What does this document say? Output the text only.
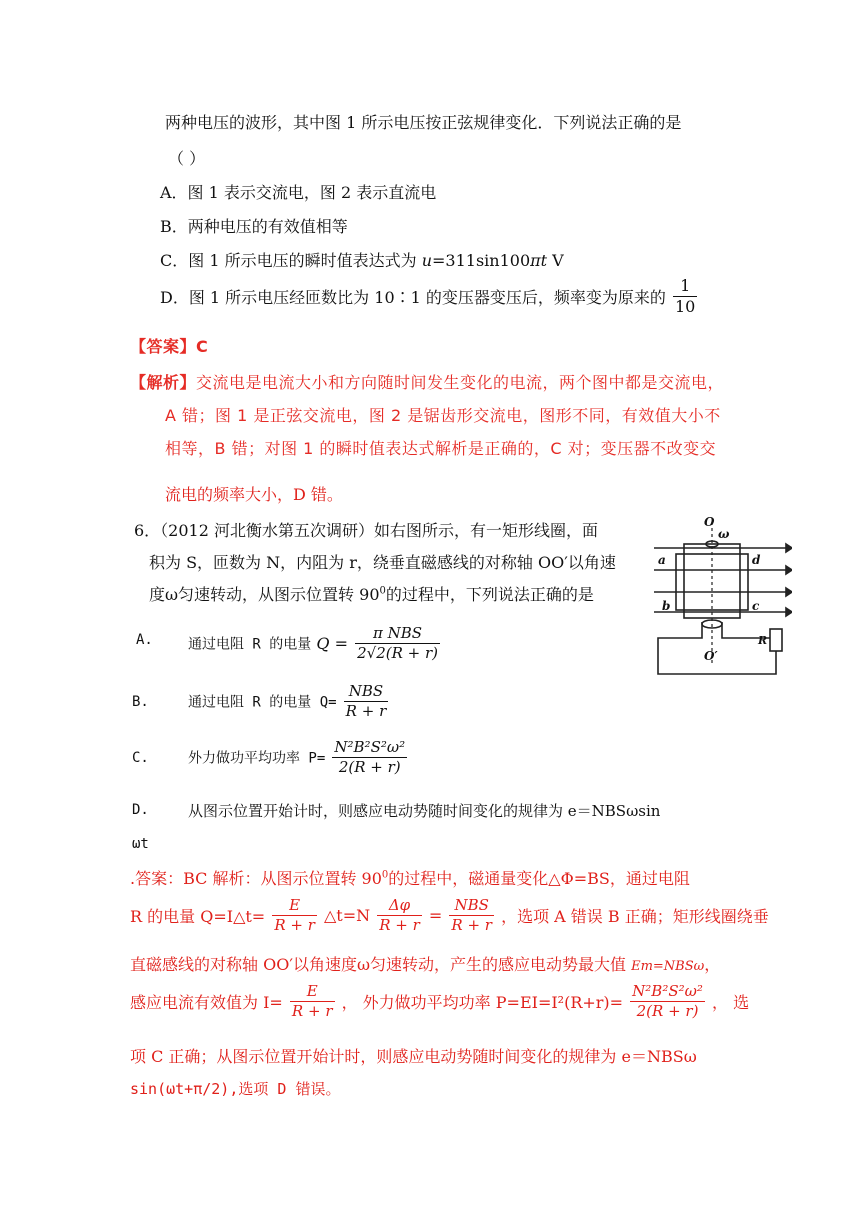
两种电压的波形，其中图 1 所示电压按正弦规律变化．下列说法正确的是
（ ）
A．图 1 表示交流电，图 2 表示直流电
B．两种电压的有效值相等
C．图 1 所示电压的瞬时值表达式为 u=311sin100πt V
D．图 1 所示电压经匝数比为 10∶1 的变压器变压后，频率变为原来的 $\frac{1}{10}$
【答案】C
【解析】交流电是电流大小和方向随时间发生变化的电流，两个图中都是交流电，
A 错；图 1 是正弦交流电，图 2 是锯齿形交流电，图形不同，有效值大小不
相等，B 错；对图 1 的瞬时值表达式解析是正确的，C 对；变压器不改变交
流电的频率大小，D 错。
6．（2012 河北衡水第五次调研）如右图所示，有一矩形线圈，面
积为 S，匝数为 N，内阻为 r，绕垂直磁感线的对称轴 OO′以角速
度ω匀速转动，从图示位置转 $90^0$的过程中，下列说法正确的是
O
ω
a	d
b	c
O′
R
A.	通过电阻 R 的电量 $Q = \frac{\text{π NBS}}{2√2(R + r)}$
B.	通过电阻 R 的电量 $Q= \frac{\text{NBS}}{R + r}$
C.	外力做功平均功率 $P= \frac{\text{N²B²S²ω²}}{2(R + r)}$
D.	从图示位置开始计时，则感应电动势随时间变化的规律为 e＝NBSωsin
ωt
.答案：BC 解析：从图示位置转 $90^0$的过程中，磁通量变化△Φ=BS，通过电阻
R 的电量 Q=I△t= $\frac{E}{R + r}$ △t=N $\frac{\Delta\varphi}{R + r} = \frac{\text{NBS}}{R + r}$ ，选项 A 错误 B 正确；矩形线圈绕垂
直磁感线的对称轴 OO′以角速度ω匀速转动，产生的感应电动势最大值 Em=NBSω，
感应电流有效值为 $I= \frac{E}{R + r}$ ， 外力做功平均功率 $P=EI=I^2(R+r)= \frac{\text{N²B²S²ω²}}{2(R + r)}$ ， 选
项 C 正确；从图示位置开始计时，则感应电动势随时间变化的规律为 e＝NBSω
sin(ωt+π/2),选项 D 错误。
